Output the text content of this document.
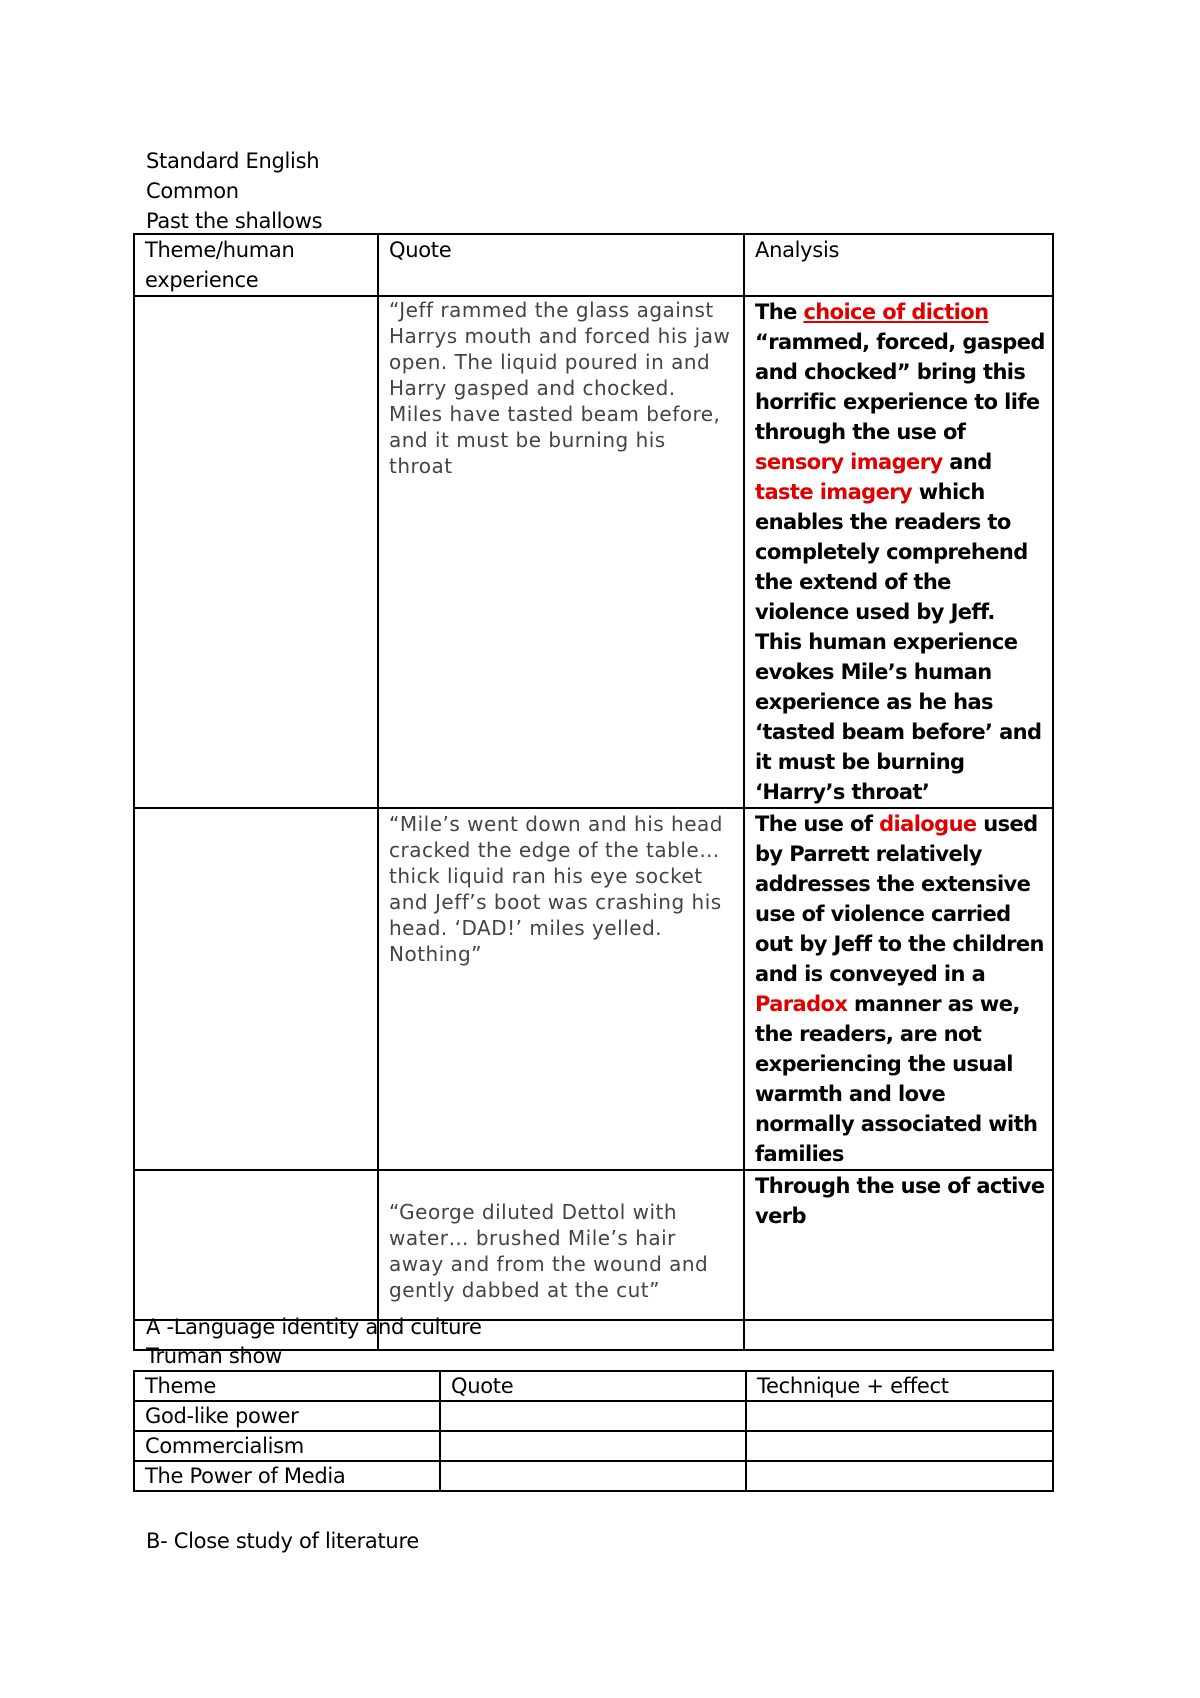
Standard English
Common
Past the shallows
Theme/human experience	Quote	Analysis
	“Jeff rammed the glass against Harrys mouth and forced his jaw open. The liquid poured in and Harry gasped and chocked. Miles have tasted beam before, and it must be burning his throat	The choice of diction “rammed, forced, gasped and chocked” bring this horrific experience to life through the use of sensory imagery and taste imagery which enables the readers to completely comprehend the extend of the violence used by Jeff. This human experience evokes Mile’s human experience as he has ‘tasted beam before’ and it must be burning ‘Harry’s throat’
	“Mile’s went down and his head cracked the edge of the table… thick liquid ran his eye socket and Jeff’s boot was crashing his head. ‘DAD!’ miles yelled. Nothing”	The use of dialogue used by Parrett relatively addresses the extensive use of violence carried out by Jeff to the children and is conveyed in a Paradox manner as we, the readers, are not experiencing the usual warmth and love normally associated with families
	“George diluted Dettol with water… brushed Mile’s hair away and from the wound and gently dabbed at the cut”	Through the use of active verb

A -Language identity and culture
Truman show
Theme	Quote	Technique + effect
God-like power		
Commercialism		
The Power of Media		
B- Close study of literature
